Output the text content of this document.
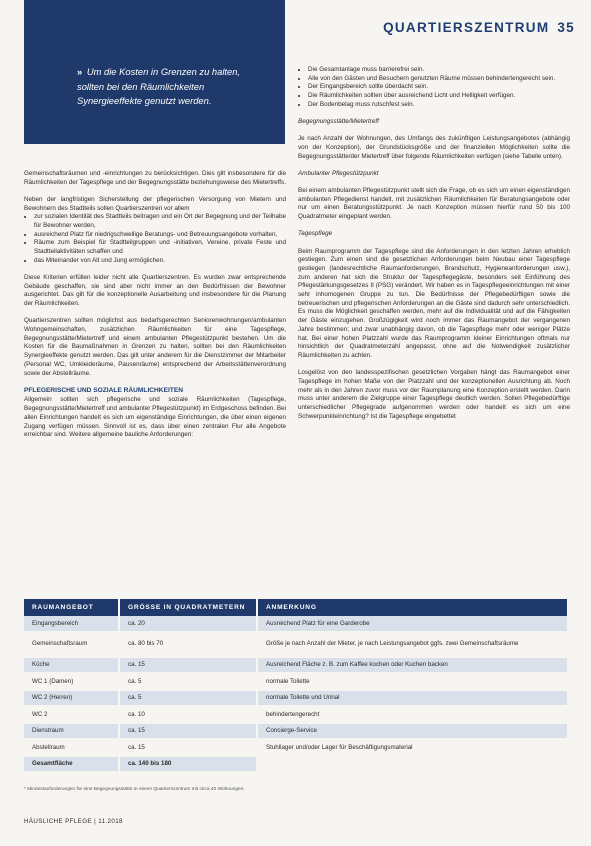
QUARTIERSZENTRUM 35
» Um die Kosten in Grenzen zu halten, sollten bei den Räumlichkeiten Synergieeffekte genutzt werden.

Gemeinschaftsräumen und -einrichtungen zu berücksichtigen. Dies gilt insbesondere für die Räumlichkeiten der Tagespflege und der Begegnungsstätte beziehungsweise des Mietertreffs.

Neben der langfristigen Sicherstellung der pflegerischen Versorgung von Mietern und Bewohnern des Stadtteils sollen Quartierszentren vor allem

• zur sozialen Identität des Stadtteils beitragen und ein Ort der Begegnung und der Teilhabe für Bewohner werden,
• ausreichend Platz für niedrigschwellige Beratungs- und Betreuungsangebote vorhalten,
• Räume zum Beispiel für Stadtteilgruppen und -initiativen, Vereine, private Feste und Stadtteilaktivitäten schaffen und
• das Miteinander von Alt und Jung ermöglichen.

Diese Kriterien erfüllen leider nicht alle Quartierszentren. Es wurden zwar entsprechende Gebäude geschaffen, sie sind aber nicht immer an den Bedürfnissen der Bewohner ausgerichtet. Das gilt für die konzeptionelle Ausarbeitung und insbesondere für die Planung der Räumlichkeiten.

Quartierszentren sollten möglichst aus bedarfsgerechten Seniorenwohnungen/ambulanten Wohngemeinschaften, zusätzlichen Räumlichkeiten für eine Tagespflege, Begegnungsstätte/Mietertreff und einem ambulanten Pflegestützpunkt bestehen. Um die Kosten für die Baumaßnahmen in Grenzen zu halten, sollten bei den Räumlichkeiten Synergieeffekte genutzt werden. Das gilt unter anderem für die Dienstzimmer der Mitarbeiter (Personal WC, Umkleideräume, Pausenräume) entsprechend der Arbeitsstättenverordnung sowie der Abstellräume.

PFLEGERISCHE UND SOZIALE RÄUMLICHKEITEN

Allgemein sollten sich pflegerische und soziale Räumlichkeiten (Tagespflege, Begegnungsstätte/Mietertreff und ambulanter Pflegestützpunkt) im Erdgeschoss befinden. Bei allen Einrichtungen handelt es sich um eigenständige Einrichtungen, die über einen eigenen Zugang verfügen müssen. Sinnvoll ist es, dass über einen zentralen Flur alle Angebote erreichbar sind. Weitere allgemeine bauliche Anforderungen:

• Die Gesamtanlage muss barrierefrei sein.
• Alle von den Gästen und Besuchern genutzten Räume müssen behindertengerecht sein.
• Der Eingangsbereich sollte überdacht sein.
• Die Räumlichkeiten sollten über ausreichend Licht und Helligkeit verfügen.
• Der Bodenbelag muss rutschfest sein.

Begegnungsstätte/Mietertreff

Je nach Anzahl der Wohnungen, des Umfangs des zukünftigen Leistungsangebotes (abhängig von der Konzeption), der Grundstücksgröße und der finanziellen Möglichkeiten sollte die Begegnungsstätte/der Mietertreff über folgende Räumlichkeiten verfügen (siehe Tabelle unten).

Ambulanter Pflegestützpunkt

Bei einem ambulanten Pflegestützpunkt stellt sich die Frage, ob es sich um einen eigenständigen ambulanten Pflegedienst handelt, mit zusätzlichen Räumlichkeiten für Beratungsangebote oder nur um einen Beratungsstützpunkt. Je nach Konzeption müssen hierfür rund 50 bis 100 Quadratmeter eingeplant werden.

Tagespflege

Beim Raumprogramm der Tagespflege sind die Anforderungen in den letzten Jahren erheblich gestiegen. Zum einen sind die gesetzlichen Anforderungen beim Neubau einer Tagespflege gestiegen (landesrechtliche Raumanforderungen, Brandschutz, Hygieneanforderungen usw.), zum anderen hat sich die Struktur der Tagespflegegäste, besonders seit Einführung des Pflegestärkungsgesetzes II (PSG) verändert. Wir haben es in Tagespflegeeinrichtungen mit einer sehr inhomogenen Gruppe zu tun. Die Bedürfnisse der Pflegebedürftigen sowie die betreuerischen und pflegerischen Anforderungen an die Gäste sind dadurch sehr unterschiedlich. Es muss die Möglichkeit geschaffen werden, mehr auf die Individualität und auf die Fähigkeiten der Gäste einzugehen. Großzügigkeit wird noch immer das Raumangebot der vergangenen Jahre bestimmen; und zwar unabhängig davon, ob die Tagespflege mehr oder weniger Plätze hat. Bei einer hohen Platzzahl wurde das Raumprogramm kleiner Einrichtungen oftmals nur hinsichtlich der Quadratmeterzahl angepasst, ohne auf die Notwendigkeit zusätzlicher Räumlichkeiten zu achten.

Losgelöst von den landesspezifischen gesetzlichen Vorgaben hängt das Raumangebot einer Tagespflege im hohen Maße von der Platzzahl und der konzeptionellen Ausrichtung ab. Noch mehr als in den Jahren zuvor muss vor der Raumplanung eine Konzeption erstellt werden. Darin muss unter anderem die Zielgruppe einer Tagespflege deutlich werden. Sollen Pflegebedürftige unterschiedlicher Pflegegrade aufgenommen werden oder handelt es sich um eine Schwerpunkteinrichtung? Ist die Tagespflege eingebettet

RAUMANGEBOT	GRÖSSE IN QUADRATMETERN	ANMERKUNG
Eingangsbereich	ca. 20	Ausreichend Platz für eine Garderobe
Gemeinschaftsraum	ca. 80 bis 70	Größe je nach Anzahl der Mieter, je nach Leistungsangebot ggfs. zwei Gemeinschaftsräume
Küche	ca. 15	Ausreichend Fläche z. B. zum Kaffee kochen oder Kuchen backen
WC 1 (Damen)	ca. 5	normale Toilette
WC 2 (Herren)	ca. 5	normale Toilette und Urinal
WC 2	ca. 10	behindertengerecht
Dienstraum	ca. 15	Concierge-Service
Abstellraum	ca. 15	Stuhllager und/oder Lager für Beschäftigungsmaterial
Gesamtfläche	ca. 140 bis 180	
* Mindestanforderungen für eine Begegnungsstätte in einem Quartierszentrum mit circa 40 Wohnungen.
HÄUSLICHE PFLEGE | 11.2018
